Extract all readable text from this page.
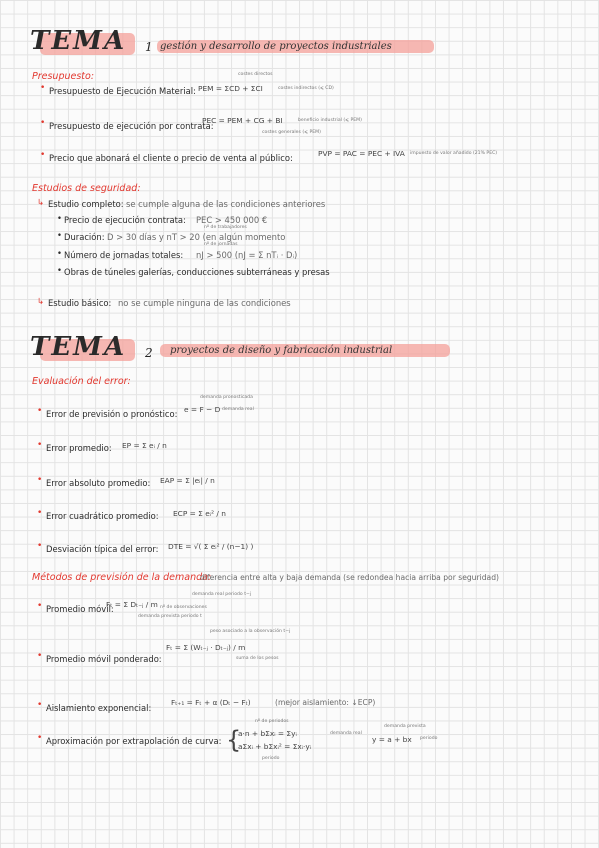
TEMA 1 gestión y desarrollo de proyectos industriales
Presupuesto:
• Presupuesto de Ejecución Material:
costes directos
PEM = ΣCD + ΣCI	costes indirectos (⩽ CD)
• Presupuesto de ejecución por contrata:
PEC = PEM + CG + BI	beneficio industrial (⩽ PEM)
costes generales (⩽ PEM)
• Precio que abonará el cliente o precio de venta al público:	PVP = PAC = PEC + IVA impuesto de valor añadido (21% PEC)
Estudios de seguridad:
↳ Estudio completo: se cumple alguna de las condiciones anteriores
• Precio de ejecución contrata: PEC > 450 000 €
nº de trabajadores
• Duración: D > 30 días y nT > 20 (en algún momento
nº de jornadas
• Número de jornadas totales: nJ > 500 (nJ = Σ nTᵢ · Dᵢ)
• Obras de túneles galerías, conducciones subterráneas y presas
↳ Estudio básico: no se cumple ninguna de las condiciones
TEMA 2 proyectos de diseño y fabricación industrial
Evaluación del error:
• Error de previsión o pronóstico:
demanda pronosticada
e = F − D demanda real
• Error promedio: EP = Σ eᵢ / n
• Error absoluto promedio: EAP = Σ |eᵢ| / n
• Error cuadrático promedio: ECP = Σ eᵢ² / n
• Desviación típica del error: DTE = √( Σ eᵢ² / (n−1) )
Métodos de previsión de la demanda:
diferencia entre alta y baja demanda (se redondea hacia arriba por seguridad)
• Promedio móvil:
Fₜ = Σ Dₜ₋ⱼ / m
demanda real periodo t−j
nº de observaciones
demanda prevista periodo t
peso asociado a la observación t−j
• Promedio móvil ponderado:
Fₜ = Σ (Wₜ₋ⱼ · Dₜ₋ⱼ) / m
suma de los pesos
• Aislamiento exponencial:
Fₜ₊₁ = Fₜ + α (Dₜ − Fₜ)	(mejor aislamiento: ↓ECP)
nº de periodos
demanda prevista
• Aproximación por extrapolación de curva: {
a·n + bΣxᵢ = Σyᵢ	demanda real
aΣxᵢ + bΣxᵢ² = Σxᵢ·yᵢ
periodo
y = a + bx periodo
